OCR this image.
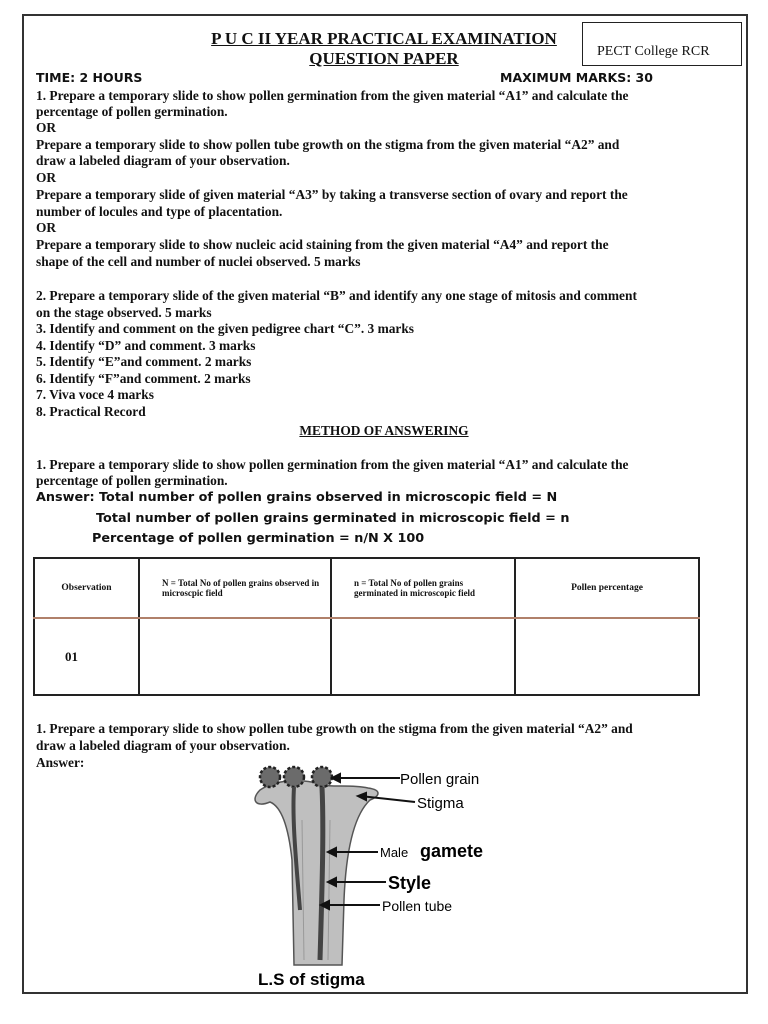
PECT College RCR
P U C II YEAR PRACTICAL EXAMINATION
QUESTION PAPER
TIME: 2 HOURS	MAXIMUM MARKS: 30
1. Prepare a temporary slide to show pollen germination from the given material “A1” and calculate the
percentage of pollen germination.
OR
Prepare a temporary slide to show pollen tube growth on the stigma from the given material “A2” and
draw a labeled diagram of your observation.
OR
Prepare a temporary slide of given material “A3” by taking a transverse section of ovary and report the
number of locules and type of placentation.
OR
Prepare a temporary slide to show nucleic acid staining from the given material “A4” and report the
shape of the cell and number of nuclei observed. 5 marks
2. Prepare a temporary slide of the given material “B” and identify any one stage of mitosis and comment
on the stage observed. 5 marks
3. Identify and comment on the given pedigree chart “C”. 3 marks
4. Identify “D” and comment. 3 marks
5. Identify “E”and comment. 2 marks
6. Identify “F”and comment. 2 marks
7. Viva voce 4 marks
8. Practical Record
METHOD OF ANSWERING
1. Prepare a temporary slide to show pollen germination from the given material “A1” and calculate the
percentage of pollen germination.
Answer: Total number of pollen grains observed in microscopic field = N
Total number of pollen grains germinated in microscopic field = n
Percentage of pollen germination = n/N X 100
Observation	N = Total No of pollen grains observed in microscpic field	n = Total No of pollen grains germinated in microscopic field	Pollen percentage
01			
1. Prepare a temporary slide to show pollen tube growth on the stigma from the given material “A2” and
draw a labeled diagram of your observation.
Answer:
Pollen grain
Stigma
Male gamete
Style
Pollen tube
L.S of stigma
